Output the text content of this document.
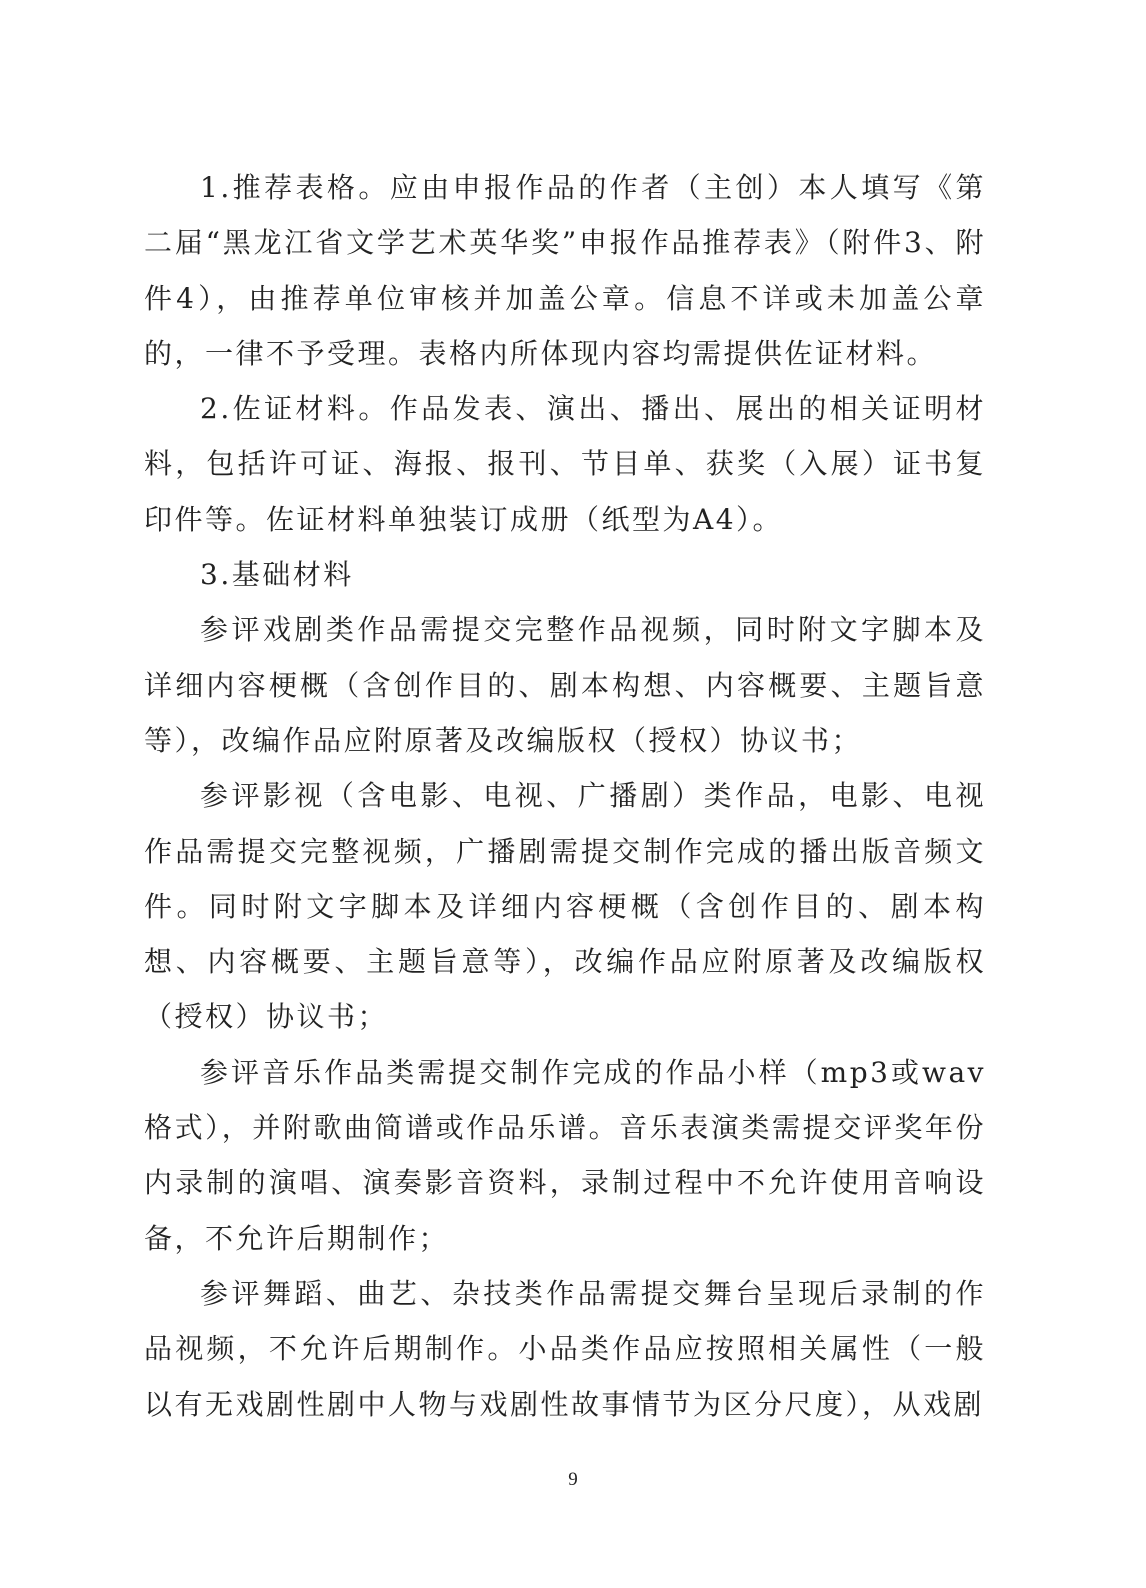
1.推荐表格。应由申报作品的作者（主创）本人填写《第二届“黑龙江省文学艺术英华奖”申报作品推荐表》（附件3、附件4），由推荐单位审核并加盖公章。信息不详或未加盖公章的，一律不予受理。表格内所体现内容均需提供佐证材料。

2.佐证材料。作品发表、演出、播出、展出的相关证明材料，包括许可证、海报、报刊、节目单、获奖（入展）证书复印件等。佐证材料单独装订成册（纸型为A4）。

3.基础材料

参评戏剧类作品需提交完整作品视频，同时附文字脚本及详细内容梗概（含创作目的、剧本构想、内容概要、主题旨意等），改编作品应附原著及改编版权（授权）协议书；

参评影视（含电影、电视、广播剧）类作品，电影、电视作品需提交完整视频，广播剧需提交制作完成的播出版音频文件。同时附文字脚本及详细内容梗概（含创作目的、剧本构想、内容概要、主题旨意等），改编作品应附原著及改编版权（授权）协议书；

参评音乐作品类需提交制作完成的作品小样（mp3或wav格式），并附歌曲简谱或作品乐谱。音乐表演类需提交评奖年份内录制的演唱、演奏影音资料，录制过程中不允许使用音响设备，不允许后期制作；

参评舞蹈、曲艺、杂技类作品需提交舞台呈现后录制的作品视频，不允许后期制作。小品类作品应按照相关属性（一般以有无戏剧性剧中人物与戏剧性故事情节为区分尺度），从戏剧

9
